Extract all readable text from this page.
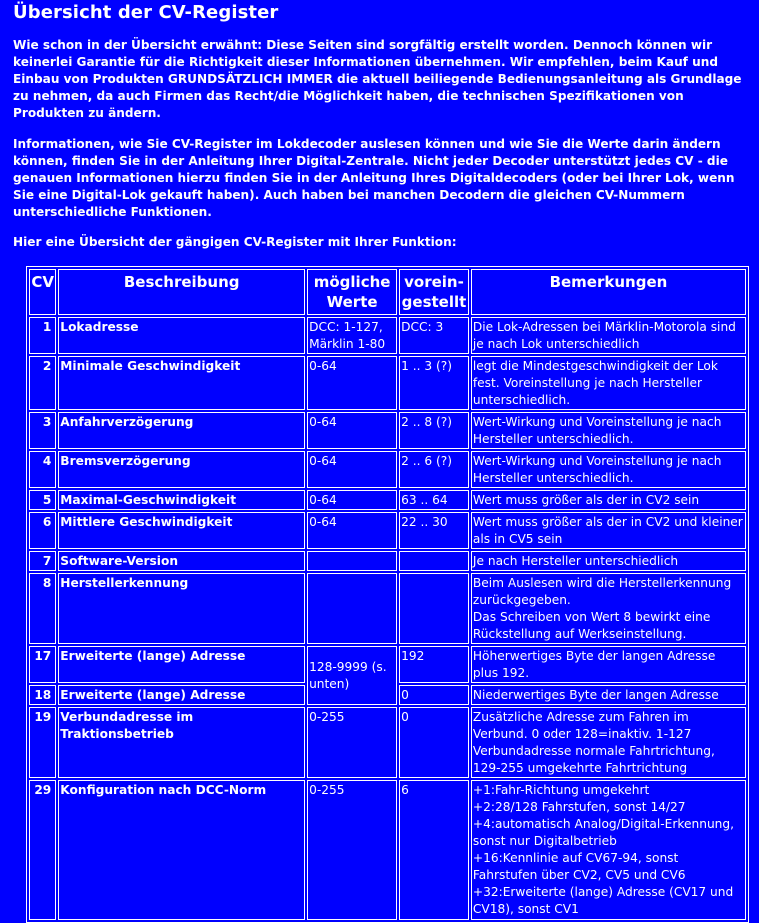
Übersicht der CV-Register

Wie schon in der Übersicht erwähnt: Diese Seiten sind sorgfältig erstellt worden. Dennoch können wir keinerlei Garantie für die Richtigkeit dieser Informationen übernehmen. Wir empfehlen, beim Kauf und Einbau von Produkten GRUNDSÄTZLICH IMMER die aktuell beiliegende Bedienungsanleitung als Grundlage zu nehmen, da auch Firmen das Recht/die Möglichkeit haben, die technischen Spezifikationen von Produkten zu ändern.

Informationen, wie Sie CV-Register im Lokdecoder auslesen können und wie Sie die Werte darin ändern können, finden Sie in der Anleitung Ihrer Digital-Zentrale. Nicht jeder Decoder unterstützt jedes CV - die genauen Informationen hierzu finden Sie in der Anleitung Ihres Digitaldecoders (oder bei Ihrer Lok, wenn Sie eine Digital-Lok gekauft haben). Auch haben bei manchen Decodern die gleichen CV-Nummern unterschiedliche Funktionen.

Hier eine Übersicht der gängigen CV-Register mit Ihrer Funktion:

CV	Beschreibung	mögliche Werte	vorein-gestellt	Bemerkungen
1	Lokadresse	DCC: 1-127, Märklin 1-80	DCC: 3	Die Lok-Adressen bei Märklin-Motorola sind je nach Lok unterschiedlich
2	Minimale Geschwindigkeit	0-64	1 .. 3 (?)	legt die Mindestgeschwindigkeit der Lok fest. Voreinstellung je nach Hersteller unterschiedlich.
3	Anfahrverzögerung	0-64	2 .. 8 (?)	Wert-Wirkung und Voreinstellung je nach Hersteller unterschiedlich.
4	Bremsverzögerung	0-64	2 .. 6 (?)	Wert-Wirkung und Voreinstellung je nach Hersteller unterschiedlich.
5	Maximal-Geschwindigkeit	0-64	63 .. 64	Wert muss größer als der in CV2 sein
6	Mittlere Geschwindigkeit	0-64	22 .. 30	Wert muss größer als der in CV2 und kleiner als in CV5 sein
7	Software-Version			Je nach Hersteller unterschiedlich
8	Herstellerkennung			Beim Auslesen wird die Herstellerkennung zurückgegeben.
Das Schreiben von Wert 8 bewirkt eine Rückstellung auf Werkseinstellung.

17	Erweiterte (lange) Adresse	128-9999 (s. unten)	192	Höherwertiges Byte der langen Adresse plus 192.
18	Erweiterte (lange) Adresse		0	Niederwertiges Byte der langen Adresse
19	Verbundadresse im Traktionsbetrieb	0-255	0	Zusätzliche Adresse zum Fahren im Verbund. 0 oder 128=inaktiv. 1-127 Verbundadresse normale Fahrtrichtung, 129-255 umgekehrte Fahrtrichtung
29	Konfiguration nach DCC-Norm	0-255	6	+1:Fahr-Richtung umgekehrt
+2:28/128 Fahrstufen, sonst 14/27
+4:automatisch Analog/Digital-Erkennung, sonst nur Digitalbetrieb
+16:Kennlinie auf CV67-94, sonst Fahrstufen über CV2, CV5 und CV6
+32:Erweiterte (lange) Adresse (CV17 und CV18), sonst CV1
